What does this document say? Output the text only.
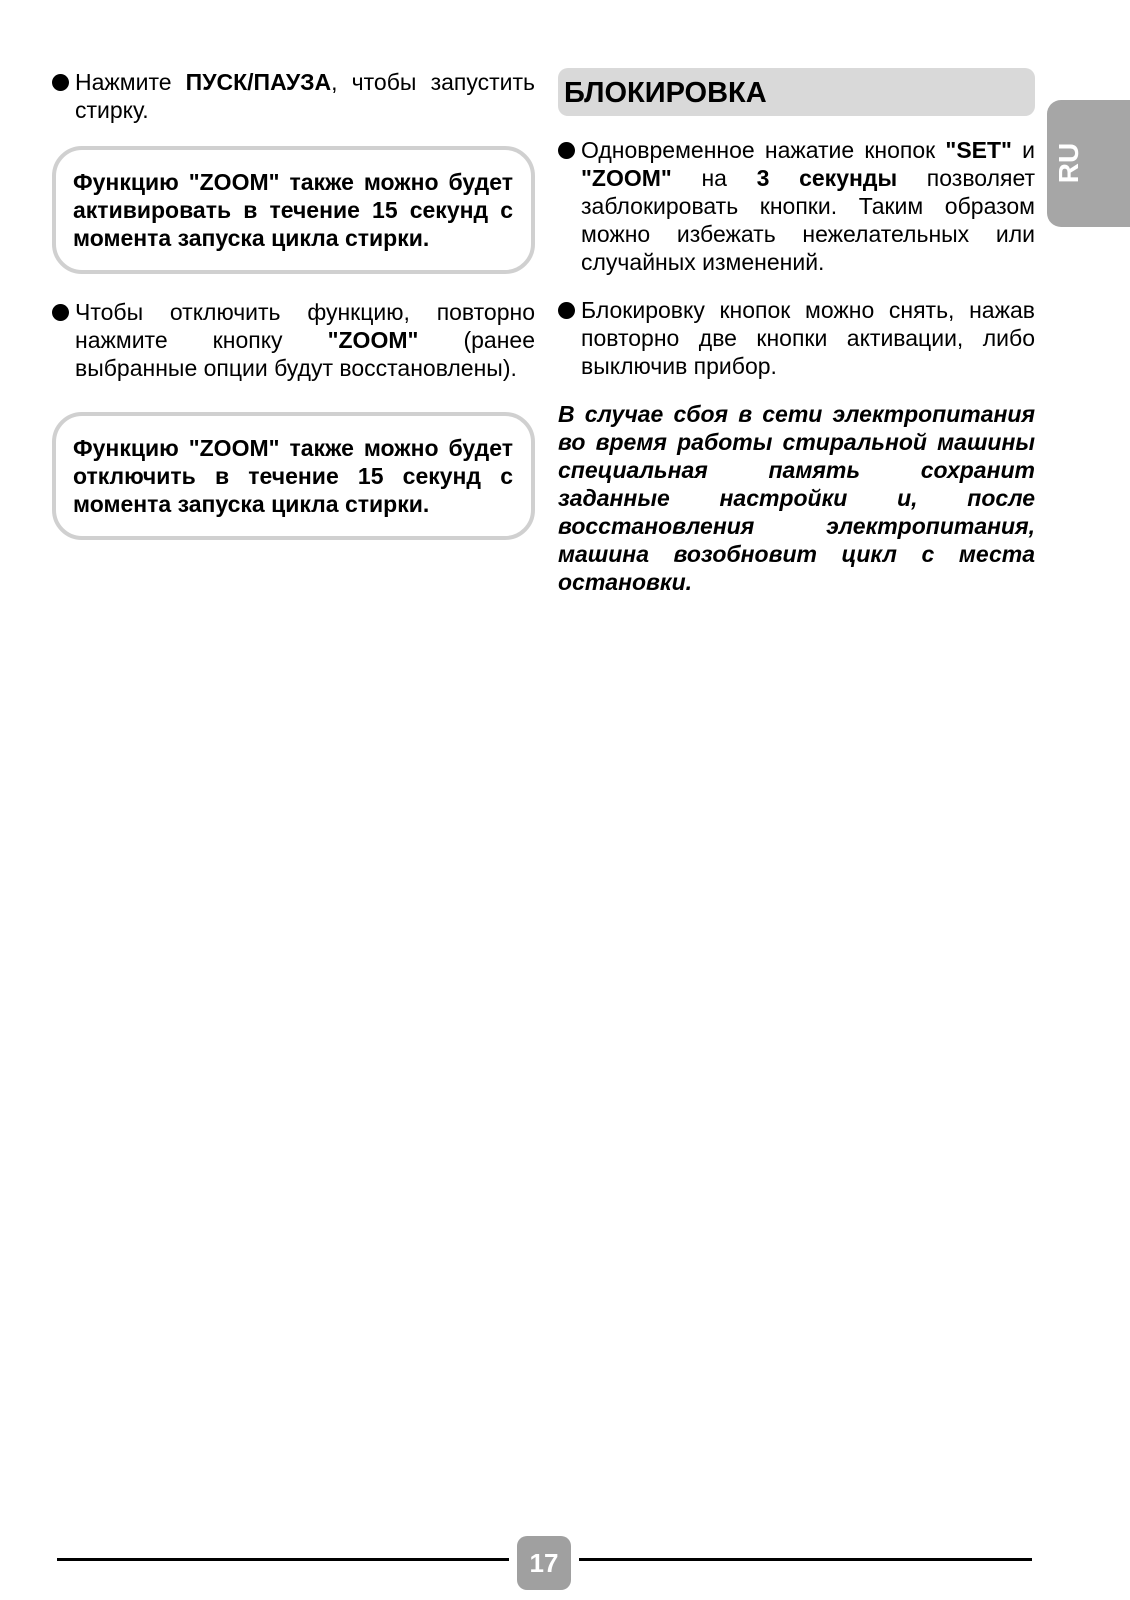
Нажмите ПУСК/ПАУЗА, чтобы запустить стирку.
Функцию "ZOOM" также можно будет активировать в течение 15 секунд с момента запуска цикла стирки.
Чтобы отключить функцию, повторно нажмите кнопку "ZOOM" (ранее выбранные опции будут восстановлены).
Функцию "ZOOM" также можно будет отключить в течение 15 секунд с момента запуска цикла стирки.
БЛОКИРОВКА
Одновременное нажатие кнопок "SET" и "ZOOM" на 3 секунды позволяет заблокировать кнопки. Таким образом можно избежать нежелательных или случайных изменений.
Блокировку кнопок можно снять, нажав повторно две кнопки активации, либо выключив прибор.
В случае сбоя в сети электропитания во время работы стиральной машины специальная память сохранит заданные настройки и, после восстановления электропитания, машина возобновит цикл с места остановки.
RU
17
